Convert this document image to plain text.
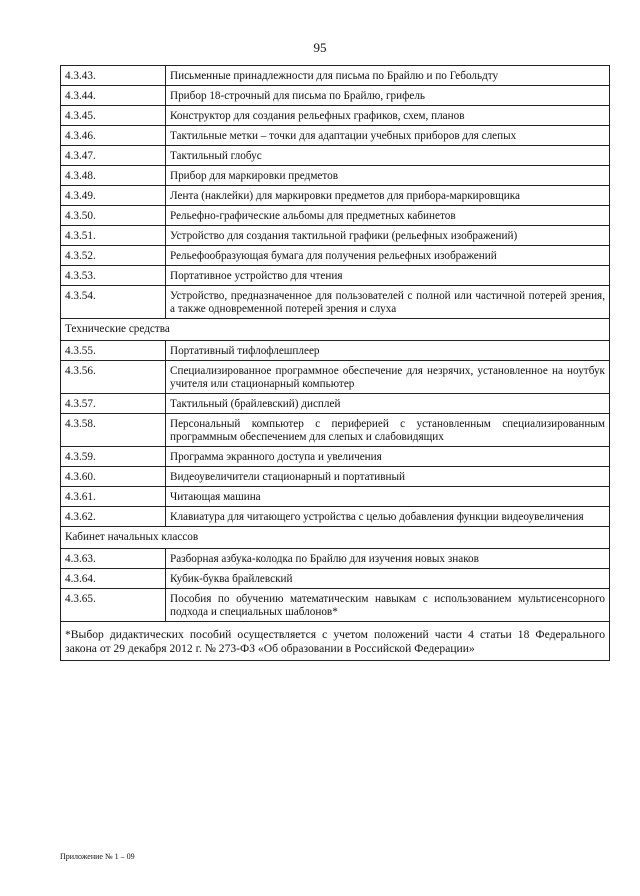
95
4.3.43.	Письменные принадлежности для письма по Брайлю и по Гебольдту
4.3.44.	Прибор 18-строчный для письма по Брайлю, грифель
4.3.45.	Конструктор для создания рельефных графиков, схем, планов
4.3.46.	Тактильные метки – точки для адаптации учебных приборов для слепых
4.3.47.	Тактильный глобус
4.3.48.	Прибор для маркировки предметов
4.3.49.	Лента (наклейки) для маркировки предметов для прибора-маркировщика
4.3.50.	Рельефно-графические альбомы для предметных кабинетов
4.3.51.	Устройство для создания тактильной графики (рельефных изображений)
4.3.52.	Рельефообразующая бумага для получения рельефных изображений
4.3.53.	Портативное устройство для чтения
4.3.54.	Устройство, предназначенное для пользователей с полной или частичной потерей зрения, а также одновременной потерей зрения и слуха
Технические средства	
4.3.55.	Портативный тифлофлешплеер
4.3.56.	Специализированное программное обеспечение для незрячих, установленное на ноутбук учителя или стационарный компьютер
4.3.57.	Тактильный (брайлевский) дисплей
4.3.58.	Персональный компьютер с периферией с установленным специализированным программным обеспечением для слепых и слабовидящих
4.3.59.	Программа экранного доступа и увеличения
4.3.60.	Видеоувеличители стационарный и портативный
4.3.61.	Читающая машина
4.3.62.	Клавиатура для читающего устройства с целью добавления функции видеоувеличения
Кабинет начальных классов	
4.3.63.	Разборная азбука-колодка по Брайлю для изучения новых знаков
4.3.64.	Кубик-буква брайлевский
4.3.65.	Пособия по обучению математическим навыкам с использованием мультисенсорного подхода и специальных шаблонов*
*Выбор дидактических пособий осуществляется с учетом положений части 4 статьи 18 Федерального закона от 29 декабря 2012 г. № 273-ФЗ «Об образовании в Российской Федерации»	
Приложение № 1 – 09
